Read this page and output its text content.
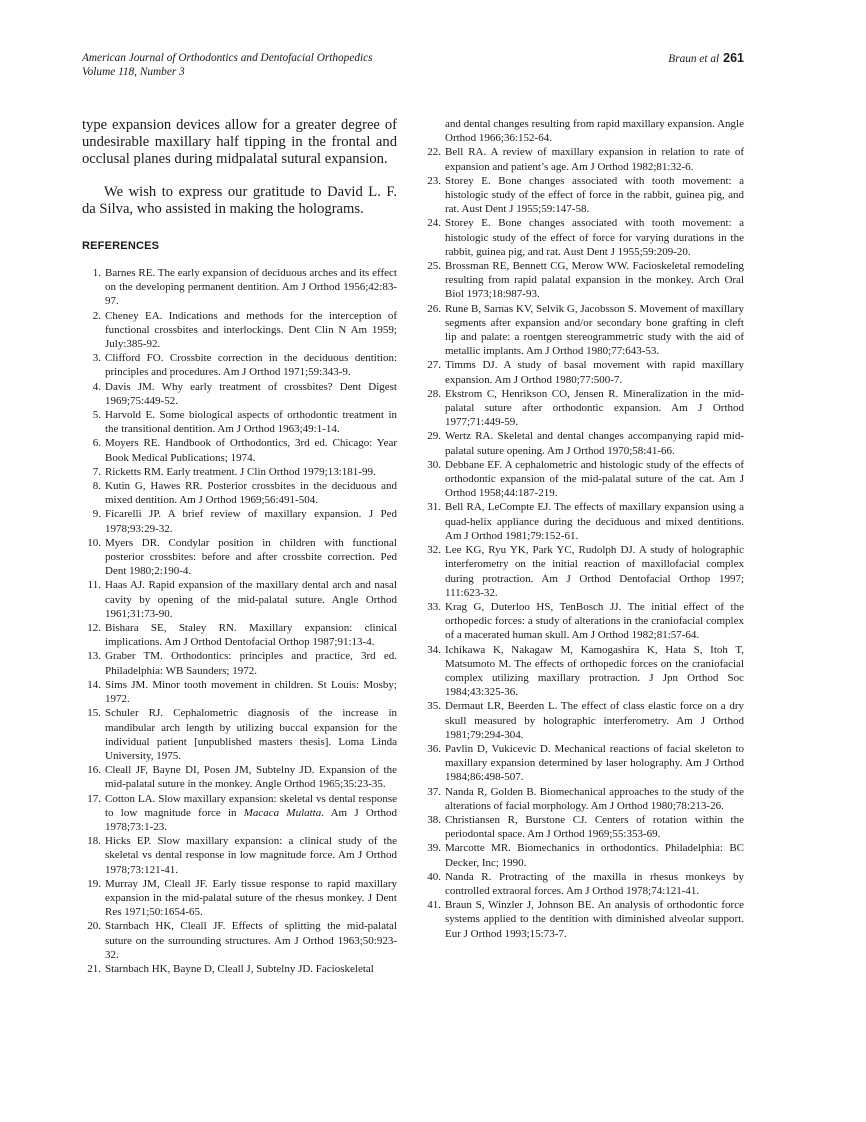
American Journal of Orthodontics and Dentofacial Orthopedics
Volume 118, Number 3
Braun et al 261

type expansion devices allow for a greater degree of undesirable maxillary half tipping in the frontal and occlusal planes during midpalatal sutural expansion.

We wish to express our gratitude to David L. F. da Silva, who assisted in making the holograms.

REFERENCES
1. Barnes RE. The early expansion of deciduous arches and its effect on the developing permanent dentition. Am J Orthod 1956;42:83-97.
2. Cheney EA. Indications and methods for the interception of functional crossbites and interlockings. Dent Clin N Am 1959; July:385-92.
3. Clifford FO. Crossbite correction in the deciduous dentition: principles and procedures. Am J Orthod 1971;59:343-9.
4. Davis JM. Why early treatment of crossbites? Dent Digest 1969;75:449-52.
5. Harvold E. Some biological aspects of orthodontic treatment in the transitional dentition. Am J Orthod 1963;49:1-14.
6. Moyers RE. Handbook of Orthodontics, 3rd ed. Chicago: Year Book Medical Publications; 1974.
7. Ricketts RM. Early treatment. J Clin Orthod 1979;13:181-99.
8. Kutin G, Hawes RR. Posterior crossbites in the deciduous and mixed dentition. Am J Orthod 1969;56:491-504.
9. Ficarelli JP. A brief review of maxillary expansion. J Ped 1978;93:29-32.
10. Myers DR. Condylar position in children with functional posterior crossbites: before and after crossbite correction. Ped Dent 1980;2:190-4.
11. Haas AJ. Rapid expansion of the maxillary dental arch and nasal cavity by opening of the mid-palatal suture. Angle Orthod 1961;31:73-90.
12. Bishara SE, Staley RN. Maxillary expansion: clinical implications. Am J Orthod Dentofacial Orthop 1987;91:13-4.
13. Graber TM. Orthodontics: principles and practice, 3rd ed. Philadelphia: WB Saunders; 1972.
14. Sims JM. Minor tooth movement in children. St Louis: Mosby; 1972.
15. Schuler RJ. Cephalometric diagnosis of the increase in mandibular arch length by utilizing buccal expansion for the individual patient [unpublished masters thesis]. Loma Linda University, 1975.
16. Cleall JF, Bayne DI, Posen JM, Subtelny JD. Expansion of the mid-palatal suture in the monkey. Angle Orthod 1965;35:23-35.
17. Cotton LA. Slow maxillary expansion: skeletal vs dental response to low magnitude force in Macaca Mulatta. Am J Orthod 1978;73:1-23.
18. Hicks EP. Slow maxillary expansion: a clinical study of the skeletal vs dental response in low magnitude force. Am J Orthod 1978;73:121-41.
19. Murray JM, Cleall JF. Early tissue response to rapid maxillary expansion in the mid-palatal suture of the rhesus monkey. J Dent Res 1971;50:1654-65.
20. Starnbach HK, Cleall JF. Effects of splitting the mid-palatal suture on the surrounding structures. Am J Orthod 1963;50:923-32.
21. Starnbach HK, Bayne D, Cleall J, Subtelny JD. Facioskeletal
and dental changes resulting from rapid maxillary expansion. Angle Orthod 1966;36:152-64.
22. Bell RA. A review of maxillary expansion in relation to rate of expansion and patient’s age. Am J Orthod 1982;81:32-6.
23. Storey E. Bone changes associated with tooth movement: a histologic study of the effect of force in the rabbit, guinea pig, and rat. Aust Dent J 1955;59:147-58.
24. Storey E. Bone changes associated with tooth movement: a histologic study of the effect of force for varying durations in the rabbit, guinea pig, and rat. Aust Dent J 1955;59:209-20.
25. Brossman RE, Bennett CG, Merow WW. Facioskeletal remodeling resulting from rapid palatal expansion in the monkey. Arch Oral Biol 1973;18:987-93.
26. Rune B, Sarnas KV, Selvik G, Jacobsson S. Movement of maxillary segments after expansion and/or secondary bone grafting in cleft lip and palate: a roentgen stereogrammetric study with the aid of metallic implants. Am J Orthod 1980;77:643-53.
27. Timms DJ. A study of basal movement with rapid maxillary expansion. Am J Orthod 1980;77:500-7.
28. Ekstrom C, Henrikson CO, Jensen R. Mineralization in the mid-palatal suture after orthodontic expansion. Am J Orthod 1977;71:449-59.
29. Wertz RA. Skeletal and dental changes accompanying rapid mid-palatal suture opening. Am J Orthod 1970;58:41-66.
30. Debbane EF. A cephalometric and histologic study of the effects of orthodontic expansion of the mid-palatal suture of the cat. Am J Orthod 1958;44:187-219.
31. Bell RA, LeCompte EJ. The effects of maxillary expansion using a quad-helix appliance during the deciduous and mixed dentitions. Am J Orthod 1981;79:152-61.
32. Lee KG, Ryu YK, Park YC, Rudolph DJ. A study of holographic interferometry on the initial reaction of maxillofacial complex during protraction. Am J Orthod Dentofacial Orthop 1997; 111:623-32.
33. Krag G, Duterloo HS, TenBosch JJ. The initial effect of the orthopedic forces: a study of alterations in the craniofacial complex of a macerated human skull. Am J Orthod 1982;81:57-64.
34. Ichikawa K, Nakagaw M, Kamogashira K, Hata S, Itoh T, Matsumoto M. The effects of orthopedic forces on the craniofacial complex utilizing maxillary protraction. J Jpn Orthod Soc 1984;43:325-36.
35. Dermaut LR, Beerden L. The effect of class elastic force on a dry skull measured by holographic interferometry. Am J Orthod 1981;79:294-304.
36. Pavlin D, Vukicevic D. Mechanical reactions of facial skeleton to maxillary expansion determined by laser holography. Am J Orthod 1984;86:498-507.
37. Nanda R, Golden B. Biomechanical approaches to the study of the alterations of facial morphology. Am J Orthod 1980;78:213-26.
38. Christiansen R, Burstone CJ. Centers of rotation within the periodontal space. Am J Orthod 1969;55:353-69.
39. Marcotte MR. Biomechanics in orthodontics. Philadelphia: BC Decker, Inc; 1990.
40. Nanda R. Protracting of the maxilla in rhesus monkeys by controlled extraoral forces. Am J Orthod 1978;74:121-41.
41. Braun S, Winzler J, Johnson BE. An analysis of orthodontic force systems applied to the dentition with diminished alveolar support. Eur J Orthod 1993;15:73-7.
